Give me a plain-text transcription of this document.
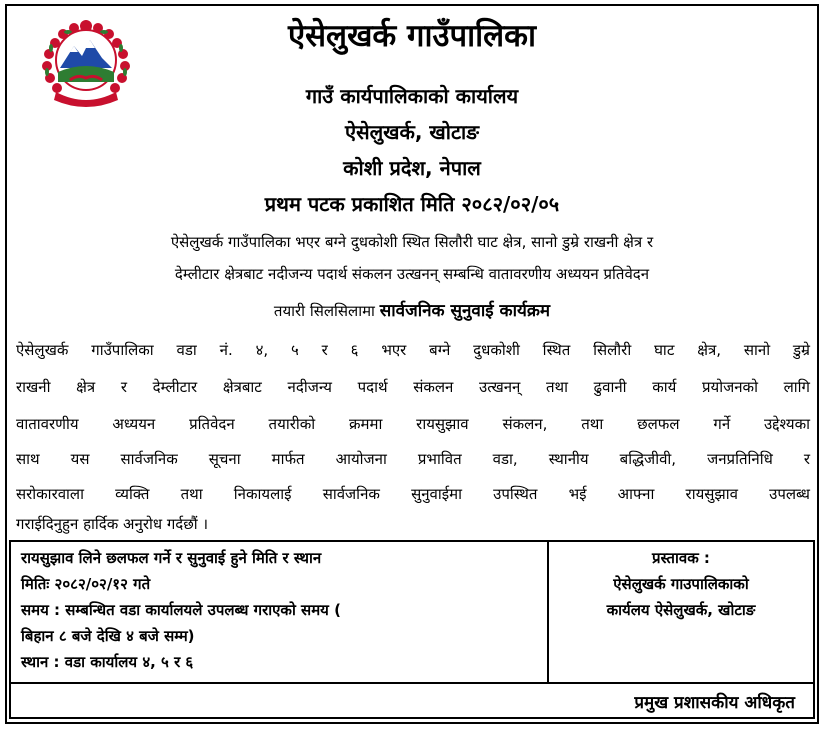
ऐसेलुखर्क गाउँपालिका
गाउँ कार्यपालिकाको कार्यालय
ऐसेलुखर्क, खोटाङ
कोशी प्रदेश, नेपाल
प्रथम पटक प्रकाशित मिति २०८२/०२/०५
ऐसेलुखर्क गाउँपालिका भएर बग्ने दुधकोशी स्थित सिलौरी घाट क्षेत्र, सानो डुम्रे राखनी क्षेत्र र
देम्लीटार क्षेत्रबाट नदीजन्य पदार्थ संकलन उत्खनन् सम्बन्धि वातावरणीय अध्ययन प्रतिवेदन
तयारी सिलसिलामा सार्वजनिक सुनुवाई कार्यक्रम
ऐसेलुखर्क गाउँपालिका वडा नं. ४, ५ र ६ भएर बग्ने दुधकोशी स्थित सिलौरी घाट क्षेत्र, सानो डुम्रे
राखनी क्षेत्र र देम्लीटार क्षेत्रबाट नदीजन्य पदार्थ संकलन उत्खनन् तथा ढुवानी कार्य प्रयोजनको लागि
वातावरणीय अध्ययन प्रतिवेदन तयारीको क्रममा रायसुझाव संकलन, तथा छलफल गर्ने उद्देश्यका
साथ यस सार्वजनिक सूचना मार्फत आयोजना प्रभावित वडा, स्थानीय बद्धिजीवी, जनप्रतिनिधि र
सरोकारवाला व्यक्ति तथा निकायलाई सार्वजनिक सुनुवाईमा उपस्थित भई आफ्ना रायसुझाव उपलब्ध
गराईदिनुहुन हार्दिक अनुरोध गर्दछौं ।
रायसुझाव लिने छलफल गर्ने र सुनुवाई हुने मिति र स्थान
मितिः २०८२/०२/१२ गते
समय : सम्बन्धित वडा कार्यालयले उपलब्ध गराएको समय (
बिहान ८ बजे देखि ४ बजे सम्म)
स्थान : वडा कार्यालय ४, ५ र ६
प्रस्तावक :
ऐसेलुखर्क गाउपालिकाको
कार्यलय ऐसेलुखर्क, खोटाङ
प्रमुख प्रशासकीय अधिकृत
